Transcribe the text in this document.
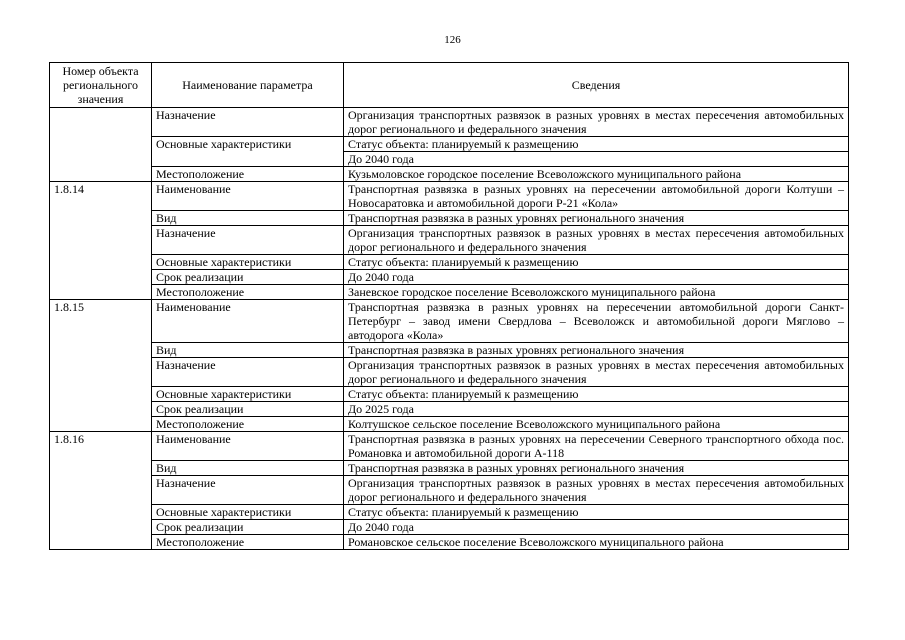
126
Номер объекта регионального значения	Наименование параметра	Сведения
	Назначение	Организация транспортных развязок в разных уровнях в местах пересечения автомобильных дорог регионального и федерального значения
	Основные характеристики	Статус объекта: планируемый к размещению
		До 2040 года
	Местоположение	Кузьмоловское городское поселение Всеволожского муниципального района
1.8.14	Наименование	Транспортная развязка в разных уровнях на пересечении автомобильной дороги Колтуши – Новосаратовка и автомобильной дороги Р-21 «Кола»
	Вид	Транспортная развязка в разных уровнях регионального значения
	Назначение	Организация транспортных развязок в разных уровнях в местах пересечения автомобильных дорог регионального и федерального значения
	Основные характеристики	Статус объекта: планируемый к размещению
	Срок реализации	До 2040 года
	Местоположение	Заневское городское поселение Всеволожского муниципального района
1.8.15	Наименование	Транспортная развязка в разных уровнях на пересечении автомобильной дороги Санкт-Петербург – завод имени Свердлова – Всеволожск и автомобильной дороги Мяглово – автодорога «Кола»
	Вид	Транспортная развязка в разных уровнях регионального значения
	Назначение	Организация транспортных развязок в разных уровнях в местах пересечения автомобильных дорог регионального и федерального значения
	Основные характеристики	Статус объекта: планируемый к размещению
	Срок реализации	До 2025 года
	Местоположение	Колтушское сельское поселение Всеволожского муниципального района
1.8.16	Наименование	Транспортная развязка в разных уровнях на пересечении Северного транспортного обхода пос. Романовка и автомобильной дороги А-118
	Вид	Транспортная развязка в разных уровнях регионального значения
	Назначение	Организация транспортных развязок в разных уровнях в местах пересечения автомобильных дорог регионального и федерального значения
	Основные характеристики	Статус объекта: планируемый к размещению
	Срок реализации	До 2040 года
	Местоположение	Романовское сельское поселение Всеволожского муниципального района
